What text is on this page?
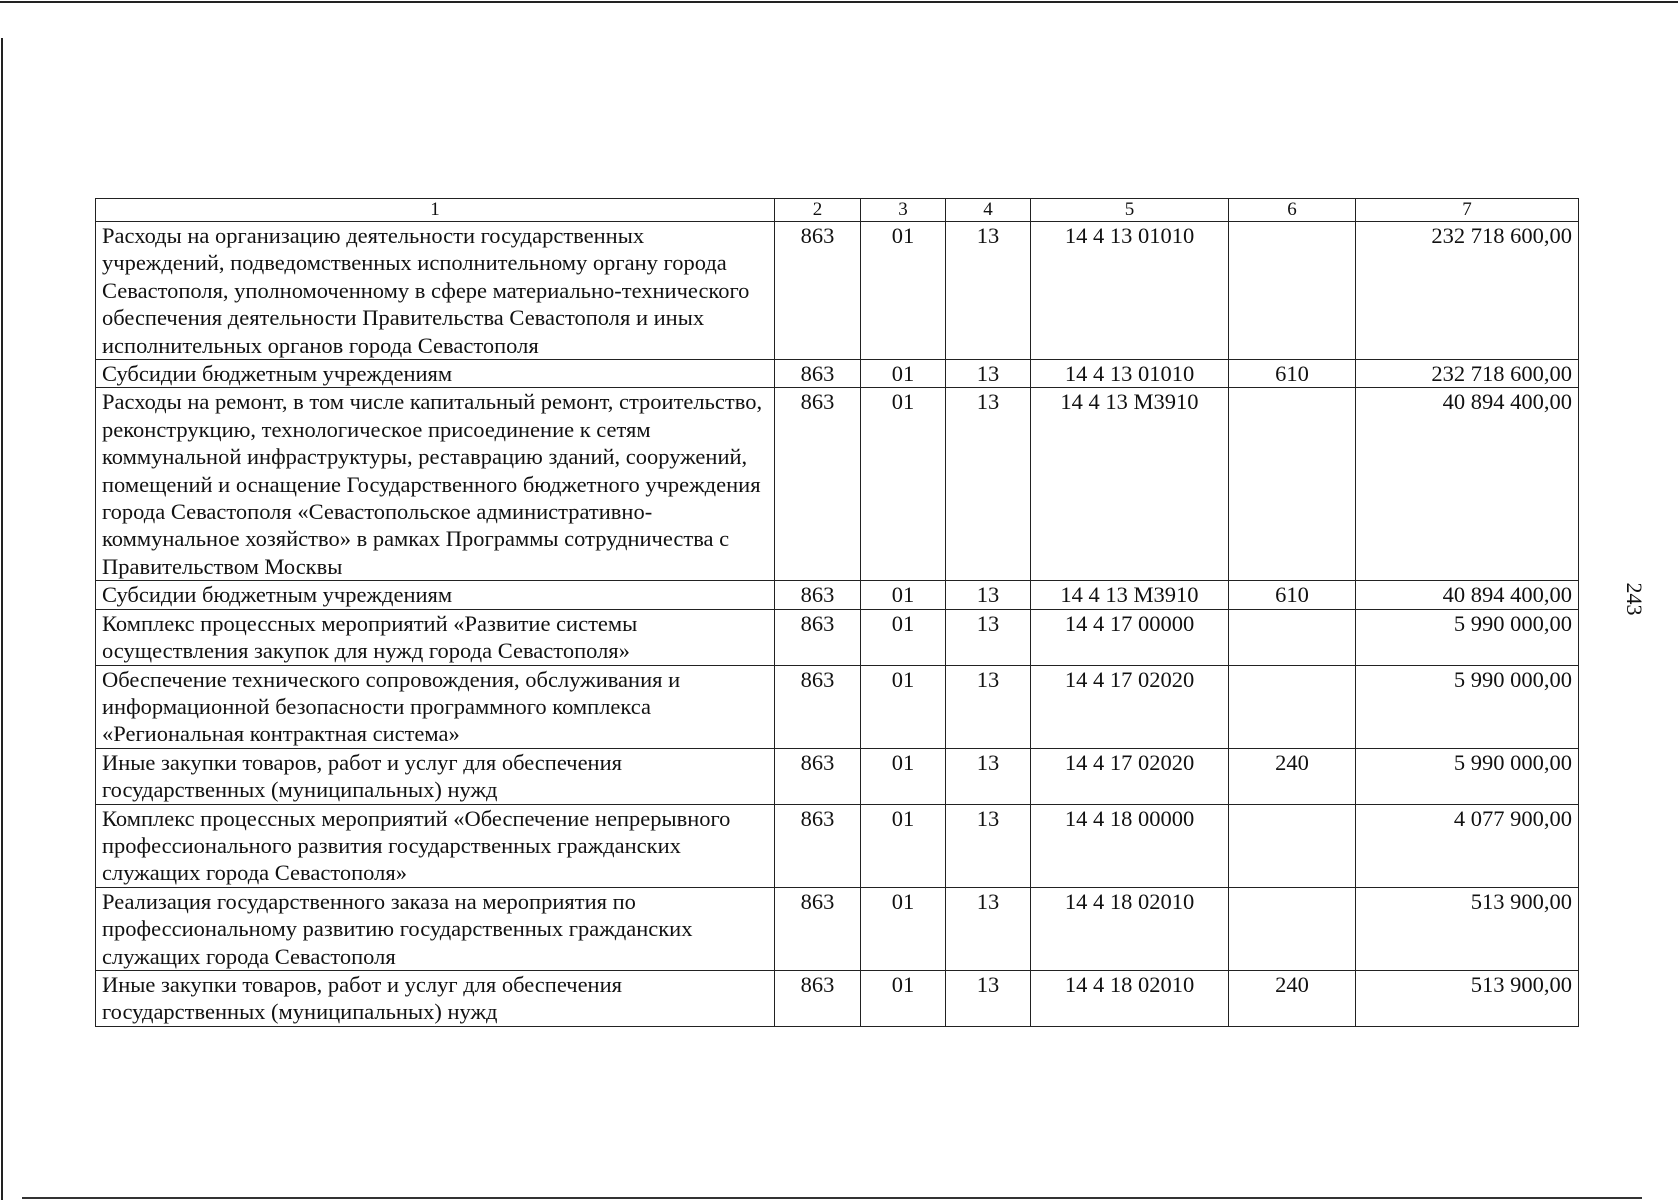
243
1	2	3	4	5	6	7
Расходы на организацию деятельности государственных учреждений, подведомственных исполнительному органу города Севастополя, уполномоченному в сфере материально-технического обеспечения деятельности Правительства Севастополя и иных исполнительных органов города Севастополя	863	01	13	14 4 13 01010		232 718 600,00
Субсидии бюджетным учреждениям	863	01	13	14 4 13 01010	610	232 718 600,00
Расходы на ремонт, в том числе капитальный ремонт, строительство, реконструкцию, технологическое присоединение к сетям коммунальной инфраструктуры, реставрацию зданий, сооружений, помещений и оснащение Государственного бюджетного учреждения города Севастополя «Севастопольское административно-коммунальное хозяйство» в рамках Программы сотрудничества с Правительством Москвы	863	01	13	14 4 13 M3910		40 894 400,00
Субсидии бюджетным учреждениям	863	01	13	14 4 13 M3910	610	40 894 400,00
Комплекс процессных мероприятий «Развитие системы осуществления закупок для нужд города Севастополя»	863	01	13	14 4 17 00000		5 990 000,00
Обеспечение технического сопровождения, обслуживания и информационной безопасности программного комплекса «Региональная контрактная система»	863	01	13	14 4 17 02020		5 990 000,00
Иные закупки товаров, работ и услуг для обеспечения государственных (муниципальных) нужд	863	01	13	14 4 17 02020	240	5 990 000,00
Комплекс процессных мероприятий «Обеспечение непрерывного профессионального развития государственных гражданских служащих города Севастополя»	863	01	13	14 4 18 00000		4 077 900,00
Реализация государственного заказа на мероприятия по профессиональному развитию государственных гражданских служащих города Севастополя	863	01	13	14 4 18 02010		513 900,00
Иные закупки товаров, работ и услуг для обеспечения государственных (муниципальных) нужд	863	01	13	14 4 18 02010	240	513 900,00
